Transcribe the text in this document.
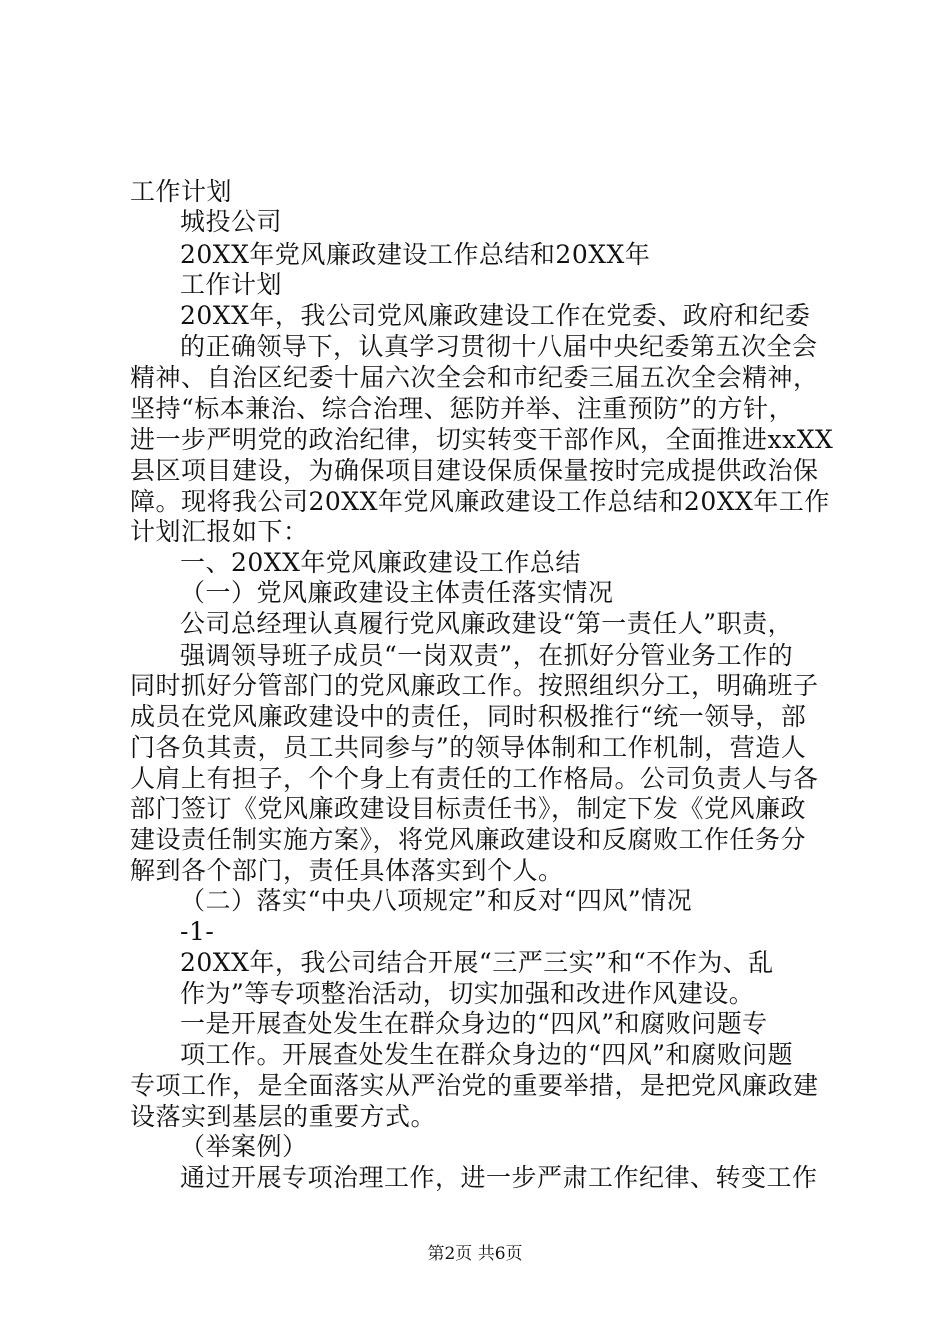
工作计划
城投公司
20XX年党风廉政建设工作总结和20XX年
工作计划
20XX年，我公司党风廉政建设工作在党委、政府和纪委
的正确领导下，认真学习贯彻十八届中央纪委第五次全会
精神、自治区纪委十届六次全会和市纪委三届五次全会精神，
坚持“标本兼治、综合治理、惩防并举、注重预防”的方针，
进一步严明党的政治纪律，切实转变干部作风，全面推进xxXX
县区项目建设，为确保项目建设保质保量按时完成提供政治保
障。现将我公司20XX年党风廉政建设工作总结和20XX年工作
计划汇报如下：
一、20XX年党风廉政建设工作总结
（一）党风廉政建设主体责任落实情况
公司总经理认真履行党风廉政建设“第一责任人”职责，
强调领导班子成员“一岗双责”，在抓好分管业务工作的
同时抓好分管部门的党风廉政工作。按照组织分工，明确班子
成员在党风廉政建设中的责任，同时积极推行“统一领导，部
门各负其责，员工共同参与”的领导体制和工作机制，营造人
人肩上有担子，个个身上有责任的工作格局。公司负责人与各
部门签订《党风廉政建设目标责任书》，制定下发《党风廉政
建设责任制实施方案》，将党风廉政建设和反腐败工作任务分
解到各个部门，责任具体落实到个人。
（二）落实“中央八项规定”和反对“四风”情况
-1-
20XX年，我公司结合开展“三严三实”和“不作为、乱
作为”等专项整治活动，切实加强和改进作风建设。
一是开展查处发生在群众身边的“四风”和腐败问题专
项工作。开展查处发生在群众身边的“四风”和腐败问题
专项工作，是全面落实从严治党的重要举措，是把党风廉政建
设落实到基层的重要方式。
（举案例）
通过开展专项治理工作，进一步严肃工作纪律、转变工作
第2页 共6页
